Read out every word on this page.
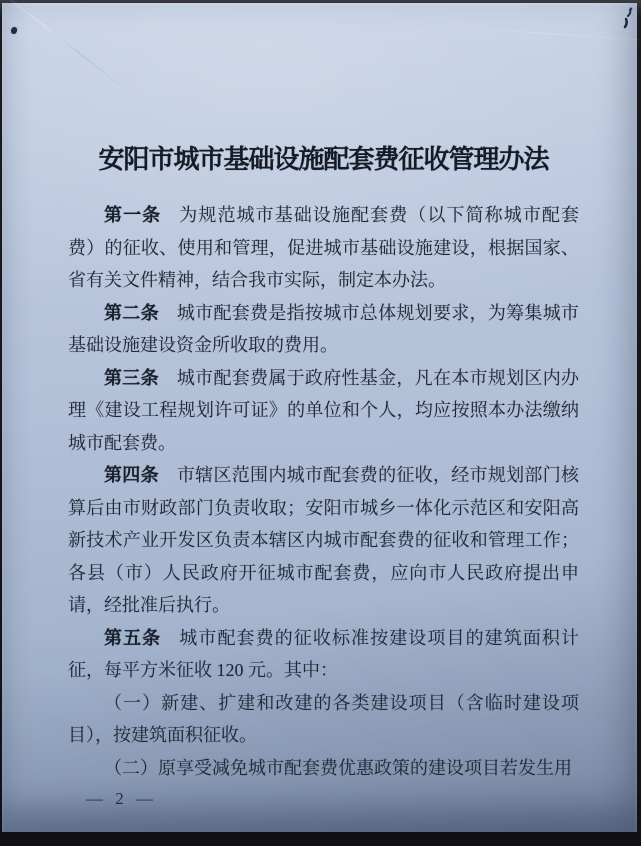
安阳市城市基础设施配套费征收管理办法

第一条 为规范城市基础设施配套费（以下简称城市配套费）的征收、使用和管理，促进城市基础设施建设，根据国家、省有关文件精神，结合我市实际，制定本办法。

第二条 城市配套费是指按城市总体规划要求，为筹集城市基础设施建设资金所收取的费用。

第三条 城市配套费属于政府性基金，凡在本市规划区内办理《建设工程规划许可证》的单位和个人，均应按照本办法缴纳城市配套费。

第四条 市辖区范围内城市配套费的征收，经市规划部门核算后由市财政部门负责收取；安阳市城乡一体化示范区和安阳高新技术产业开发区负责本辖区内城市配套费的征收和管理工作；各县（市）人民政府开征城市配套费，应向市人民政府提出申请，经批准后执行。

第五条 城市配套费的征收标准按建设项目的建筑面积计征，每平方米征收 120 元。其中：

（一）新建、扩建和改建的各类建设项目（含临时建设项目），按建筑面积征收。

（二）原享受减免城市配套费优惠政策的建设项目若发生用

— 2 —
